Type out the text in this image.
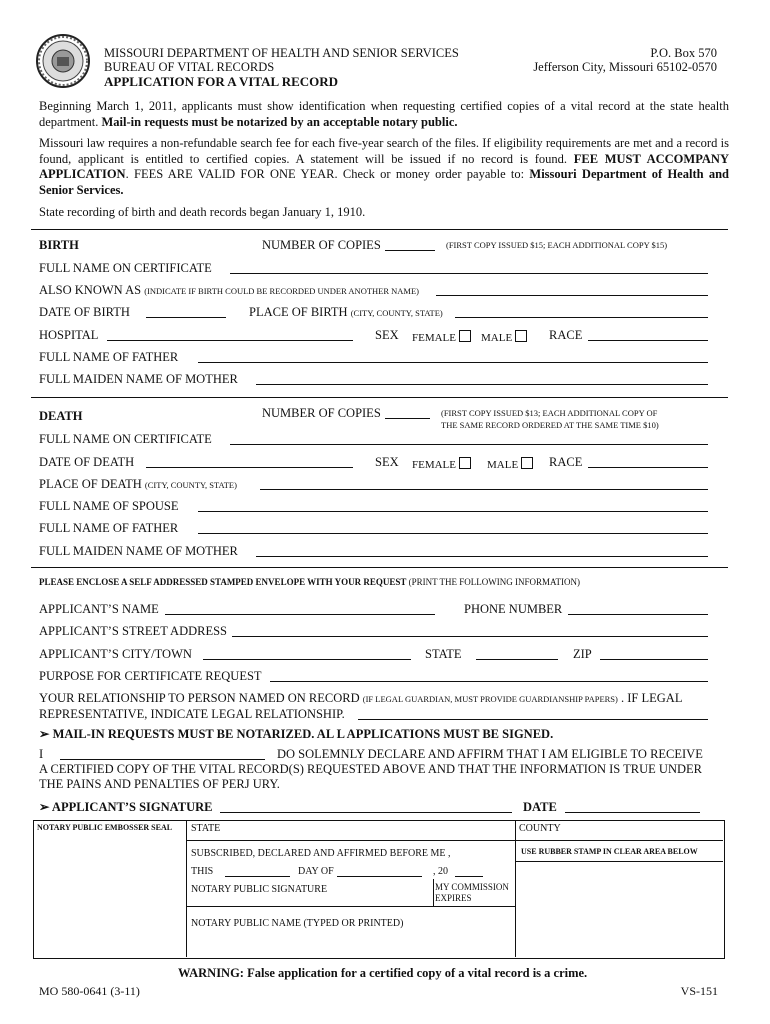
MISSOURI DEPARTMENT OF HEALTH AND SENIOR SERVICES
BUREAU OF VITAL RECORDS
APPLICATION FOR A VITAL RECORD
P.O. Box 570
Jefferson City, Missouri 65102-0570
Beginning March 1, 2011, applicants must show identification when requesting certified copies of a vital record at the state health department. Mail-in requests must be notarized by an acceptable notary public.
Missouri law requires a non-refundable search fee for each five-year search of the files. If eligibility requirements are met and a record is found, applicant is entitled to certified copies. A statement will be issued if no record is found. FEE MUST ACCOMPANY APPLICATION. FEES ARE VALID FOR ONE YEAR. Check or money order payable to: Missouri Department of Health and Senior Services.
State recording of birth and death records began January 1, 1910.
BIRTH	NUMBER OF COPIES	(FIRST COPY ISSUED $15; EACH ADDITIONAL COPY $15)
FULL NAME ON CERTIFICATE
ALSO KNOWN AS (INDICATE IF BIRTH COULD BE RECORDED UNDER ANOTHER NAME)
DATE OF BIRTH	PLACE OF BIRTH (CITY, COUNTY, STATE)
HOSPITAL	SEX FEMALE	MALE	RACE
FULL NAME OF FATHER
FULL MAIDEN NAME OF MOTHER
DEATH	NUMBER OF COPIES	(FIRST COPY ISSUED $13; EACH ADDITIONAL COPY OF
THE SAME RECORD ORDERED AT THE SAME TIME $10)
FULL NAME ON CERTIFICATE
DATE OF DEATH	SEX FEMALE	MALE	RACE
PLACE OF DEATH (CITY, COUNTY, STATE)
FULL NAME OF SPOUSE
FULL NAME OF FATHER
FULL MAIDEN NAME OF MOTHER
PLEASE ENCLOSE A SELF ADDRESSED STAMPED ENVELOPE WITH YOUR REQUEST (PRINT THE FOLLOWING INFORMATION)
APPLICANT’S NAME	PHONE NUMBER
APPLICANT’S STREET ADDRESS
APPLICANT’S CITY/TOWN	STATE	ZIP
PURPOSE FOR CERTIFICATE REQUEST
YOUR RELATIONSHIP TO PERSON NAMED ON RECORD (IF LEGAL GUARDIAN, MUST PROVIDE GUARDIANSHIP PAPERS) . IF LEGAL
REPRESENTATIVE, INDICATE LEGAL RELATIONSHIP.
➢ MAIL-IN REQUESTS MUST BE NOTARIZED. AL L APPLICATIONS MUST BE SIGNED.
I	DO SOLEMNLY DECLARE AND AFFIRM THAT I AM ELIGIBLE TO RECEIVE
A CERTIFIED COPY OF THE VITAL RECORD(S) REQUESTED ABOVE AND THAT THE INFORMATION IS TRUE UNDER
THE PAINS AND PENALTIES OF PERJ URY.
➢ APPLICANT’S SIGNATURE	DATE
NOTARY PUBLIC EMBOSSER SEAL STATE	COUNTY
SUBSCRIBED, DECLARED AND AFFIRMED BEFORE ME ,	USE RUBBER STAMP IN CLEAR AREA BELOW
THIS	DAY OF	, 20
NOTARY PUBLIC SIGNATURE	MY COMMISSION
EXPIRES
NOTARY PUBLIC NAME (TYPED OR PRINTED)
WARNING: False application for a certified copy of a vital record is a crime.
MO 580-0641 (3-11)	VS-151
